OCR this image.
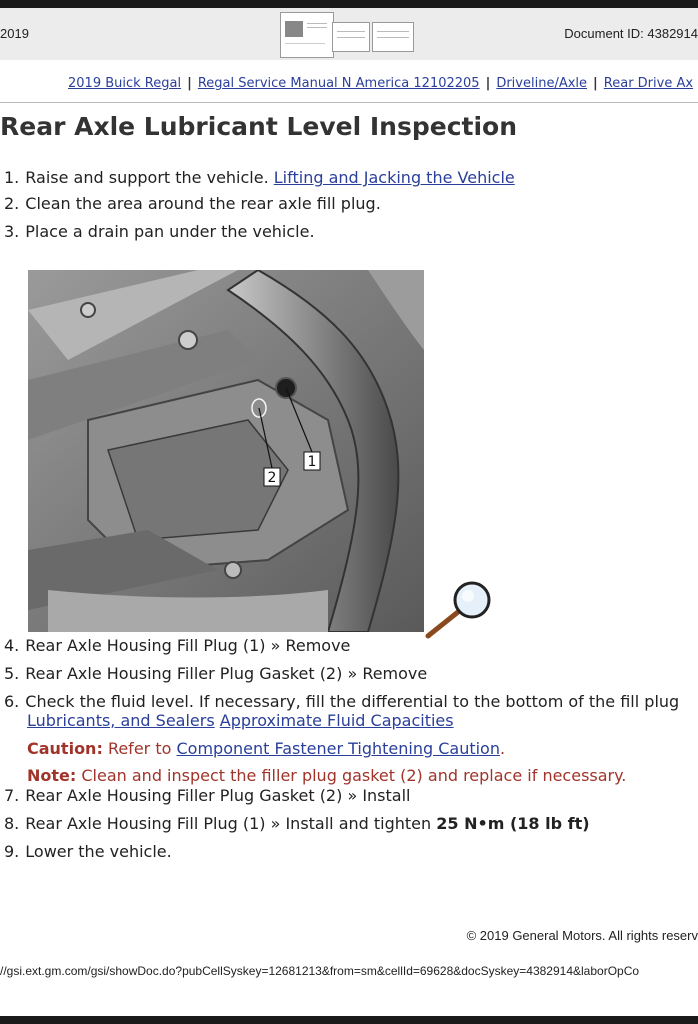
2019	Document ID: 4382914
2019 Buick Regal | Regal Service Manual N America 12102205 | Driveline/Axle | Rear Drive Ax
Rear Axle Lubricant Level Inspection
1. Raise and support the vehicle. Lifting and Jacking the Vehicle
2. Clean the area around the rear axle fill plug.
3. Place a drain pan under the vehicle.
1
2
4. Rear Axle Housing Fill Plug (1) » Remove
5. Rear Axle Housing Filler Plug Gasket (2) » Remove
6. Check the fluid level. If necessary, fill the differential to the bottom of the fill plug
Lubricants, and Sealers Approximate Fluid Capacities
Caution: Refer to Component Fastener Tightening Caution.
Note: Clean and inspect the filler plug gasket (2) and replace if necessary.
7. Rear Axle Housing Filler Plug Gasket (2) » Install
8. Rear Axle Housing Fill Plug (1) » Install and tighten 25 N•m (18 lb ft)
9. Lower the vehicle.
© 2019 General Motors. All rights reserv
//gsi.ext.gm.com/gsi/showDoc.do?pubCellSyskey=12681213&from=sm&cellId=69628&docSyskey=4382914&laborOpCo
